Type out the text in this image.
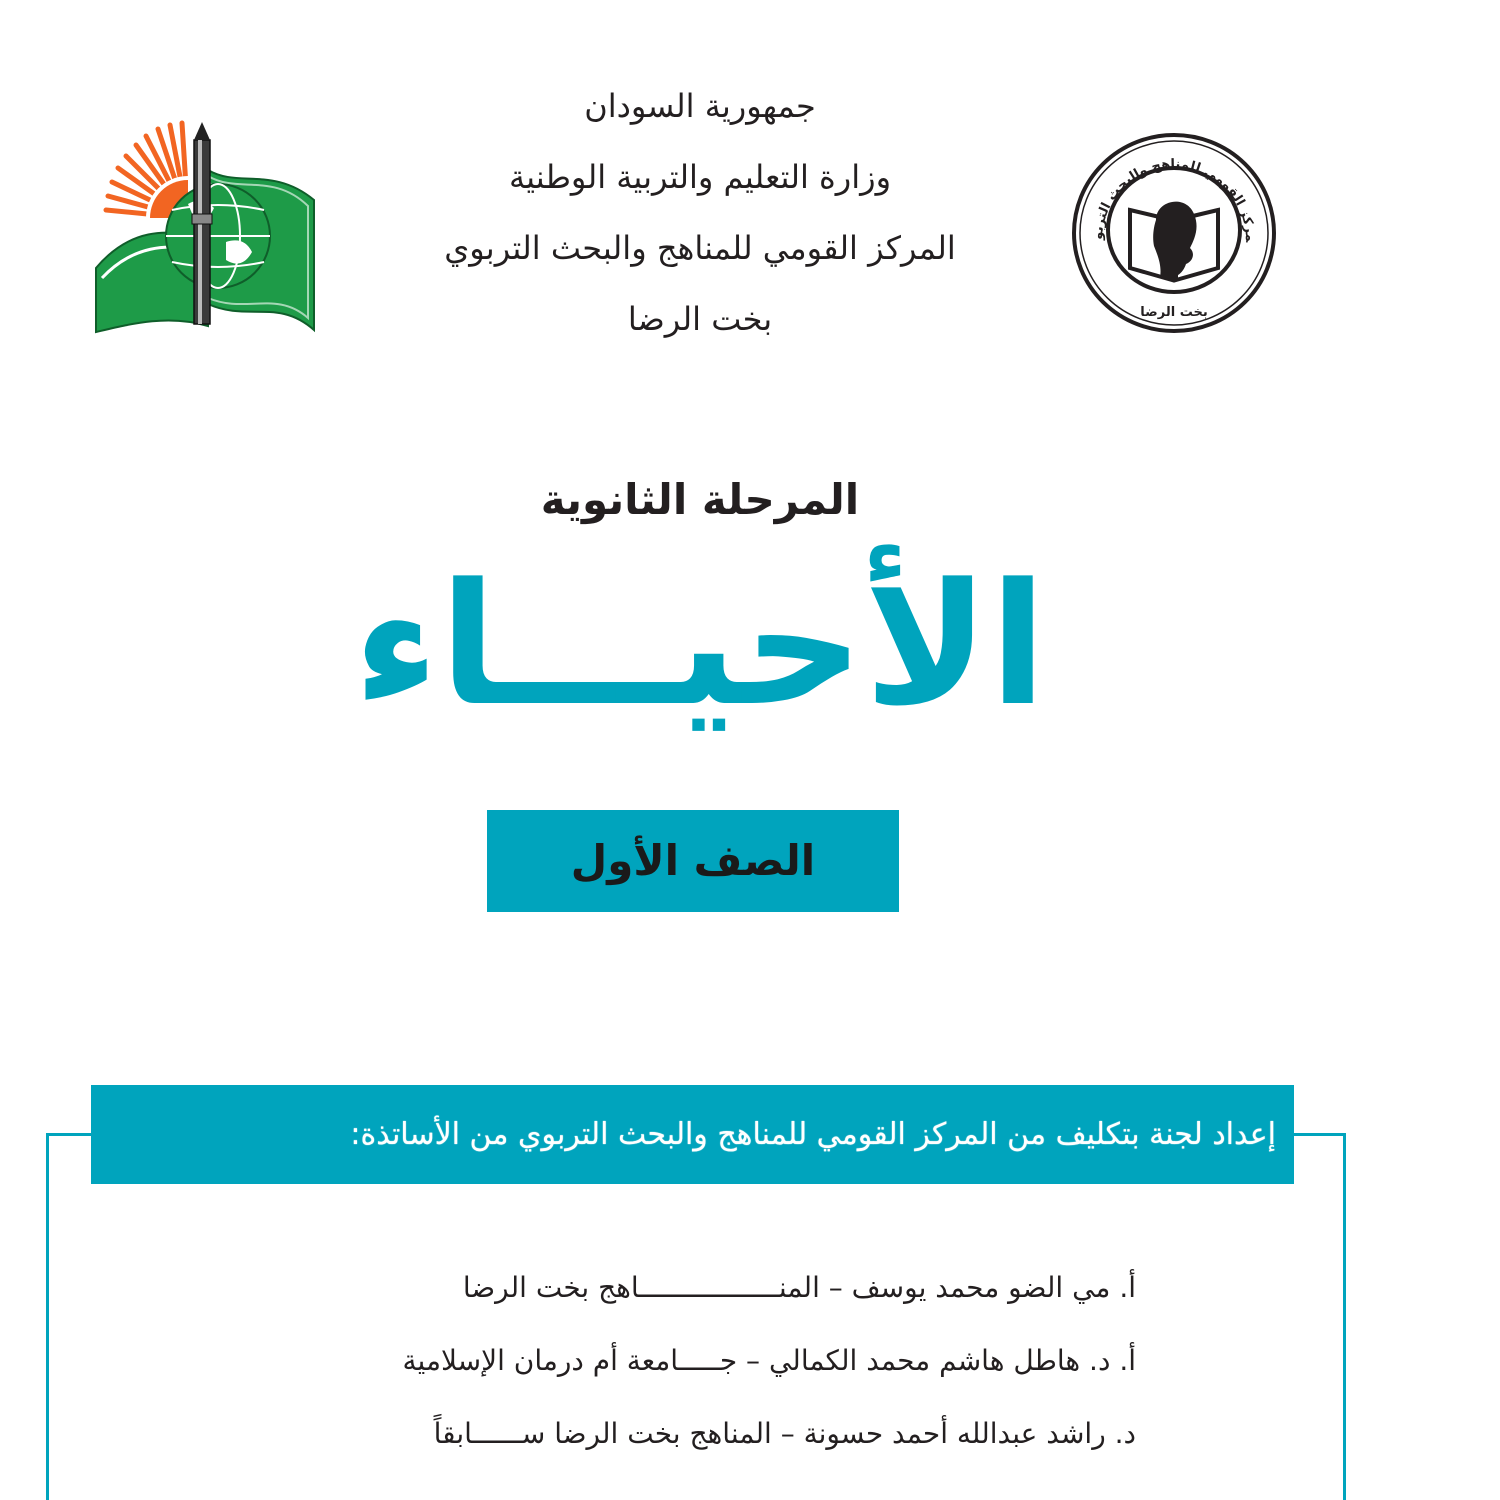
جمهورية السودان
وزارة التعليم والتربية الوطنية
المركز القومي للمناهج والبحث التربوي
بخت الرضا
مركز القومي للمناهج والبحث التربو
بخت الرضا
المرحلة الثانوية
الأحيـــاء
الصف الأول
إعداد لجنة بتكليف من المركز القومي للمناهج والبحث التربوي من الأساتذة:
أ. مي الضو محمد يوسف – المنـــــــــــــــــاهج بخت الرضا
أ. د. هاطل هاشم محمد الكمالي – جـــــامعة أم درمان الإسلامية
د. راشد عبدالله أحمد حسونة – المناهج بخت الرضا ســــــابقاً
